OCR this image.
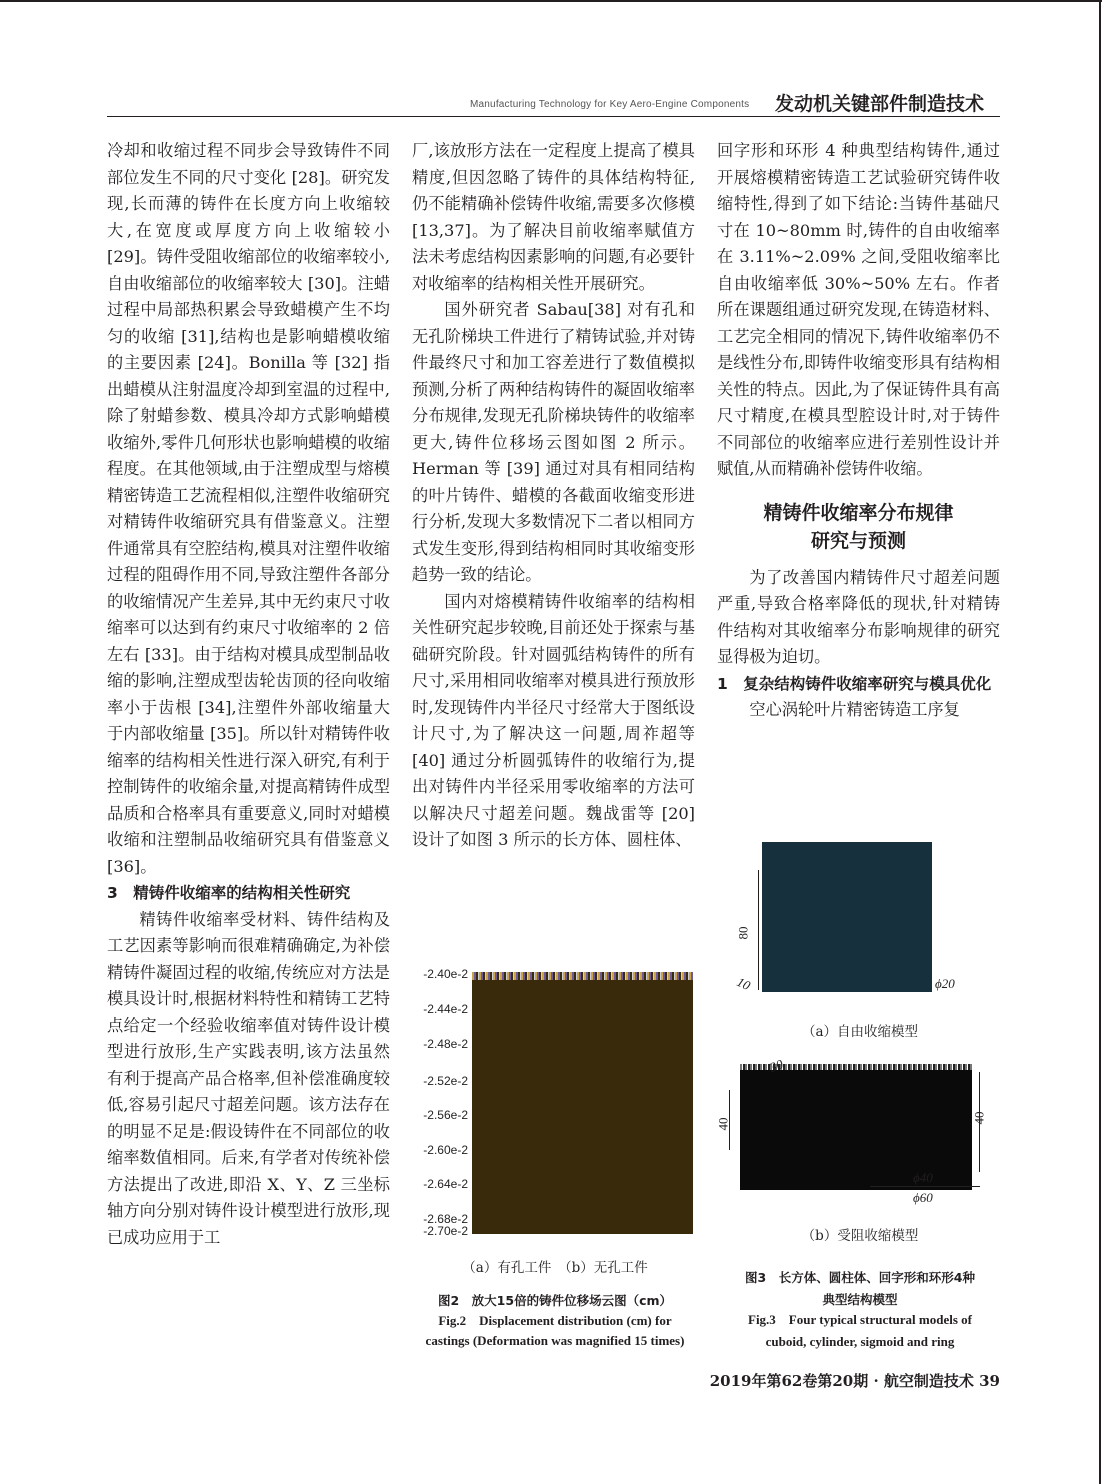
Manufacturing Technology for Key Aero-Engine Components	发动机关键部件制造技术

冷却和收缩过程不同步会导致铸件不同部位发生不同的尺寸变化 [28]。研究发现,长而薄的铸件在长度方向上收缩较大,在宽度或厚度方向上收缩较小 [29]。铸件受阻收缩部位的收缩率较小,自由收缩部位的收缩率较大 [30]。注蜡过程中局部热积累会导致蜡模产生不均匀的收缩 [31],结构也是影响蜡模收缩的主要因素 [24]。Bonilla 等 [32] 指出蜡模从注射温度冷却到室温的过程中,除了射蜡参数、模具冷却方式影响蜡模收缩外,零件几何形状也影响蜡模的收缩程度。在其他领域,由于注塑成型与熔模精密铸造工艺流程相似,注塑件收缩研究对精铸件收缩研究具有借鉴意义。注塑件通常具有空腔结构,模具对注塑件收缩过程的阻碍作用不同,导致注塑件各部分的收缩情况产生差异,其中无约束尺寸收缩率可以达到有约束尺寸收缩率的 2 倍左右 [33]。由于结构对模具成型制品收缩的影响,注塑成型齿轮齿顶的径向收缩率小于齿根 [34],注塑件外部收缩量大于内部收缩量 [35]。所以针对精铸件收缩率的结构相关性进行深入研究,有利于控制铸件的收缩余量,对提高精铸件成型品质和合格率具有重要意义,同时对蜡模收缩和注塑制品收缩研究具有借鉴意义 [36]。

3　精铸件收缩率的结构相关性研究

精铸件收缩率受材料、铸件结构及工艺因素等影响而很难精确确定,为补偿精铸件凝固过程的收缩,传统应对方法是模具设计时,根据材料特性和精铸工艺特点给定一个经验收缩率值对铸件设计模型进行放形,生产实践表明,该方法虽然有利于提高产品合格率,但补偿准确度较低,容易引起尺寸超差问题。该方法存在的明显不足是:假设铸件在不同部位的收缩率数值相同。后来,有学者对传统补偿方法提出了改进,即沿 X、Y、Z 三坐标轴方向分别对铸件设计模型进行放形,现已成功应用于工

厂,该放形方法在一定程度上提高了模具精度,但因忽略了铸件的具体结构特征,仍不能精确补偿铸件收缩,需要多次修模 [13,37]。为了解决目前收缩率赋值方法未考虑结构因素影响的问题,有必要针对收缩率的结构相关性开展研究。

国外研究者 Sabau[38] 对有孔和无孔阶梯块工件进行了精铸试验,并对铸件最终尺寸和加工容差进行了数值模拟预测,分析了两种结构铸件的凝固收缩率分布规律,发现无孔阶梯块铸件的收缩率更大,铸件位移场云图如图 2 所示。Herman 等 [39] 通过对具有相同结构的叶片铸件、蜡模的各截面收缩变形进行分析,发现大多数情况下二者以相同方式发生变形,得到结构相同时其收缩变形趋势一致的结论。

国内对熔模精铸件收缩率的结构相关性研究起步较晚,目前还处于探索与基础研究阶段。针对圆弧结构铸件的所有尺寸,采用相同收缩率对模具进行预放形时,发现铸件内半径尺寸经常大于图纸设计尺寸,为了解决这一问题,周祚超等 [40] 通过分析圆弧铸件的收缩行为,提出对铸件内半径采用零收缩率的方法可以解决尺寸超差问题。魏战雷等 [20] 设计了如图 3 所示的长方体、圆柱体、

回字形和环形 4 种典型结构铸件,通过开展熔模精密铸造工艺试验研究铸件收缩特性,得到了如下结论:当铸件基础尺寸在 10~80mm 时,铸件的自由收缩率在 3.11%~2.09% 之间,受阻收缩率比自由收缩率低 30%~50% 左右。作者所在课题组通过研究发现,在铸造材料、工艺完全相同的情况下,铸件收缩率仍不是线性分布,即铸件收缩变形具有结构相关性的特点。因此,为了保证铸件具有高尺寸精度,在模具型腔设计时,对于铸件不同部位的收缩率应进行差别性设计并赋值,从而精确补偿铸件收缩。

精铸件收缩率分布规律
研究与预测

为了改善国内精铸件尺寸超差问题严重,导致合格率降低的现状,针对精铸件结构对其收缩率分布影响规律的研究显得极为迫切。

1　复杂结构铸件收缩率研究与模具优化

空心涡轮叶片精密铸造工序复

-2.40e-2
-2.44e-2
-2.48e-2
-2.52e-2
-2.56e-2
-2.60e-2
-2.64e-2
-2.68e-2
-2.70e-2
（a）有孔工件　（b）无孔工件
图2　放大15倍的铸件位移场云图（cm）
Fig.2　Displacement distribution (cm) for
castings (Deformation was magnified 15 times)
80
10	ϕ20
（a）自由收缩模型
30
40	40
ϕ40
ϕ60
（b）受阻收缩模型
图3　长方体、圆柱体、回字形和环形4种
典型结构模型
Fig.3　Four typical structural models of
cuboid, cylinder, sigmoid and ring
2019年第62卷第20期 · 航空制造技术 39
